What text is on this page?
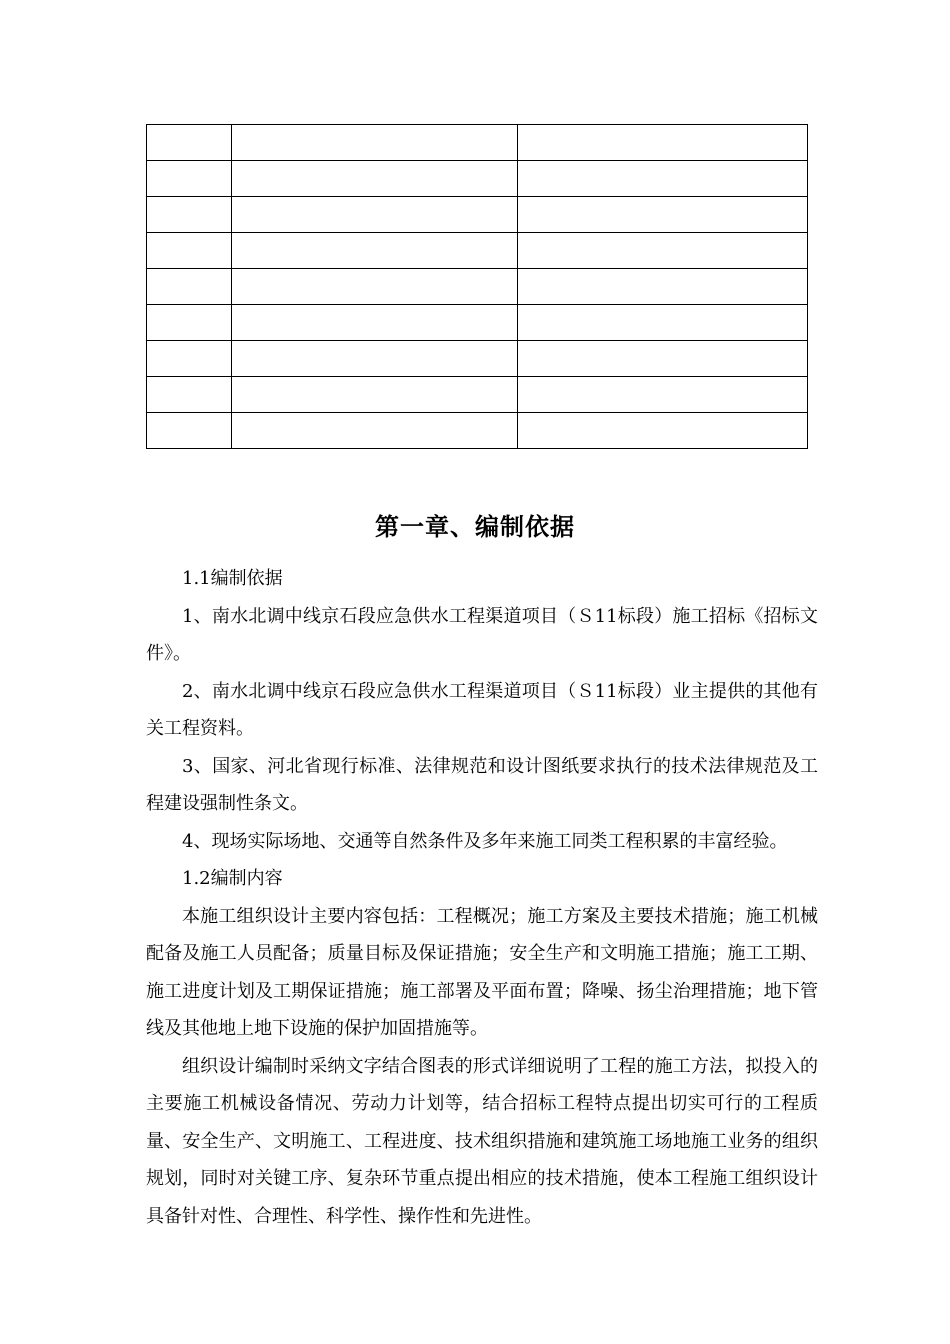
第一章、编制依据

1.1编制依据

1、南水北调中线京石段应急供水工程渠道项目（Ｓ11标段）施工招标《招标文件》。

2、南水北调中线京石段应急供水工程渠道项目（Ｓ11标段）业主提供的其他有关工程资料。

3、国家、河北省现行标准、法律规范和设计图纸要求执行的技术法律规范及工程建设强制性条文。

4、现场实际场地、交通等自然条件及多年来施工同类工程积累的丰富经验。

1.2编制内容

本施工组织设计主要内容包括：工程概况；施工方案及主要技术措施；施工机械配备及施工人员配备；质量目标及保证措施；安全生产和文明施工措施；施工工期、施工进度计划及工期保证措施；施工部署及平面布置；降噪、扬尘治理措施；地下管线及其他地上地下设施的保护加固措施等。

组织设计编制时采纳文字结合图表的形式详细说明了工程的施工方法，拟投入的主要施工机械设备情况、劳动力计划等，结合招标工程特点提出切实可行的工程质量、安全生产、文明施工、工程进度、技术组织措施和建筑施工场地施工业务的组织规划，同时对关键工序、复杂环节重点提出相应的技术措施，使本工程施工组织设计具备针对性、合理性、科学性、操作性和先进性。
